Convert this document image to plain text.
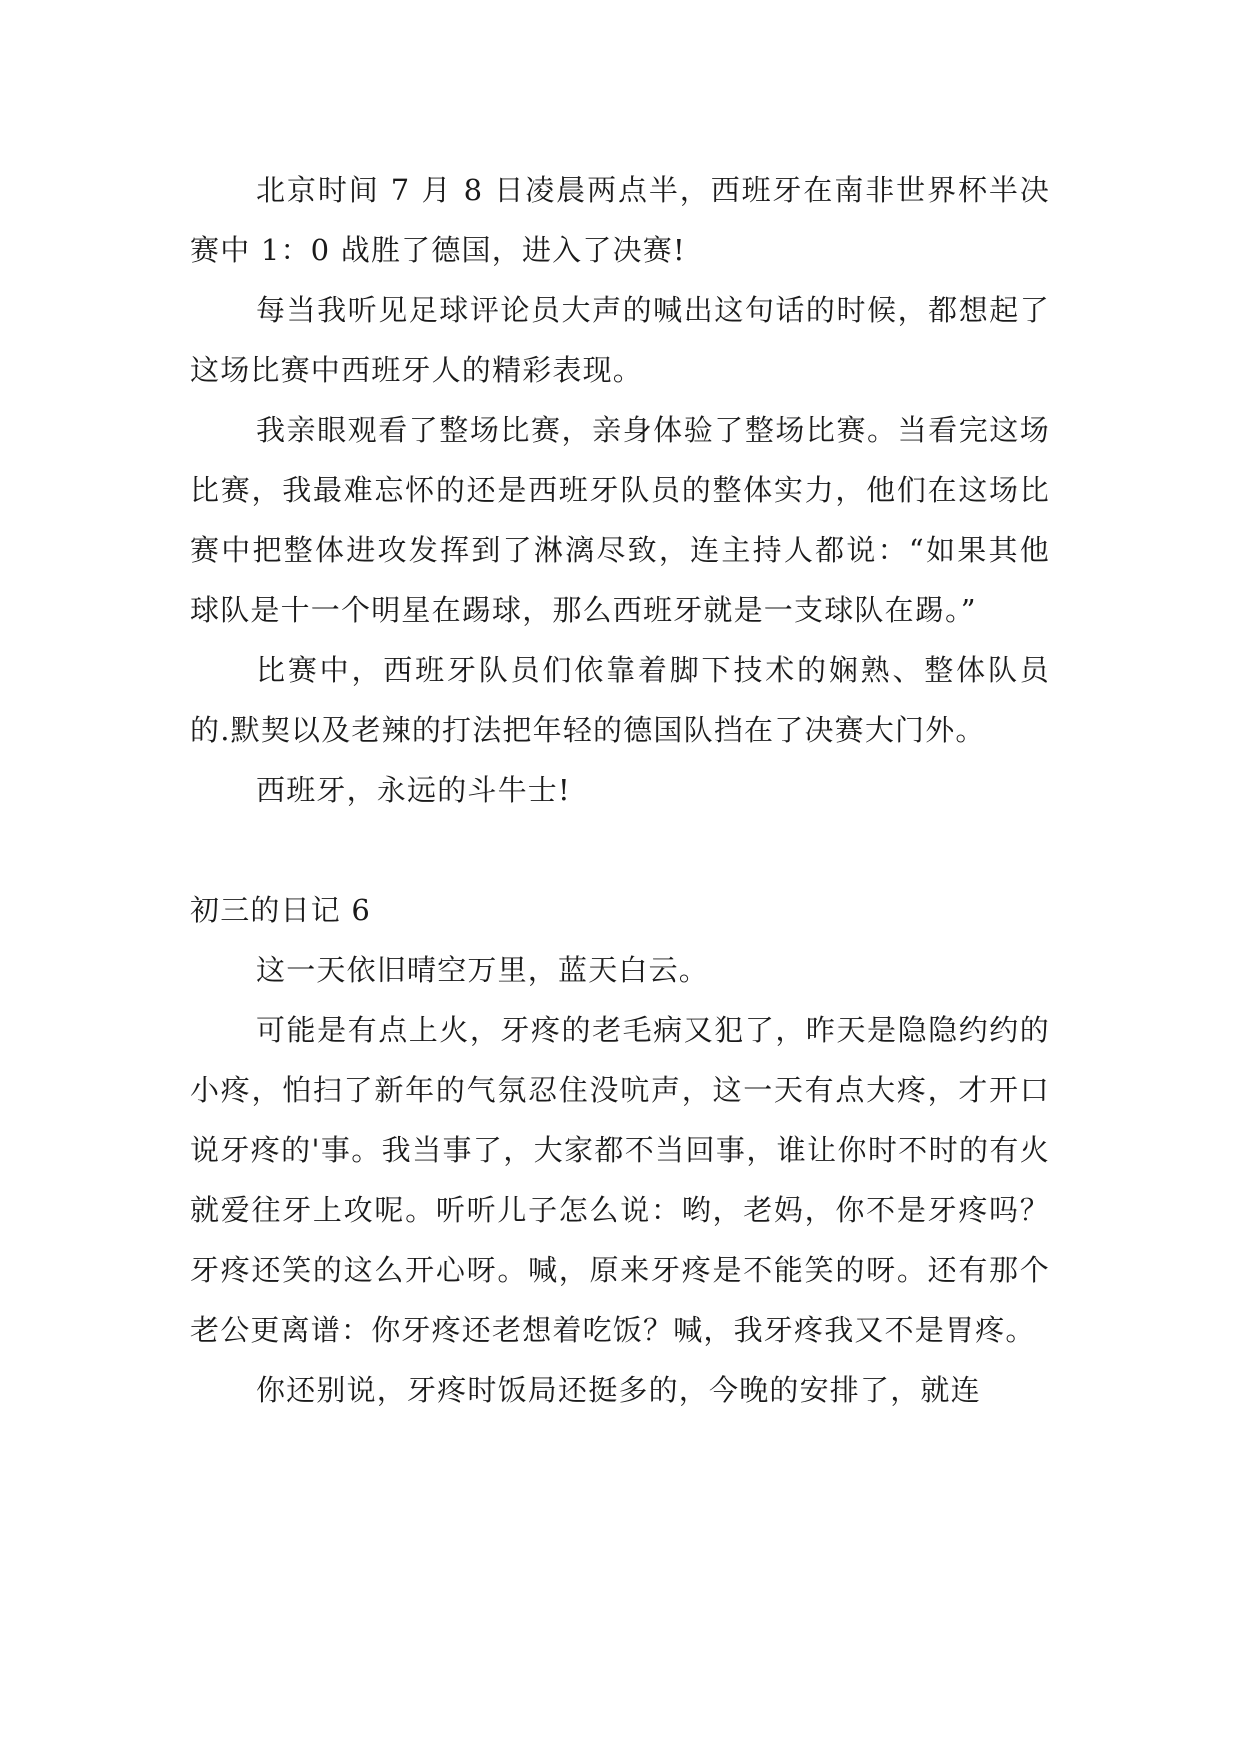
北京时间 7 月 8 日凌晨两点半，西班牙在南非世界杯半决赛中 1：0 战胜了德国，进入了决赛!

每当我听见足球评论员大声的喊出这句话的时候，都想起了这场比赛中西班牙人的精彩表现。

我亲眼观看了整场比赛，亲身体验了整场比赛。当看完这场比赛，我最难忘怀的还是西班牙队员的整体实力，他们在这场比赛中把整体进攻发挥到了淋漓尽致，连主持人都说：“如果其他球队是十一个明星在踢球，那么西班牙就是一支球队在踢。”

比赛中，西班牙队员们依靠着脚下技术的娴熟、整体队员的.默契以及老辣的打法把年轻的德国队挡在了决赛大门外。

西班牙，永远的斗牛士!

初三的日记 6

这一天依旧晴空万里，蓝天白云。

可能是有点上火，牙疼的老毛病又犯了，昨天是隐隐约约的小疼，怕扫了新年的气氛忍住没吭声，这一天有点大疼，才开口说牙疼的'事。我当事了，大家都不当回事，谁让你时不时的有火就爱往牙上攻呢。听听儿子怎么说：哟，老妈，你不是牙疼吗？牙疼还笑的这么开心呀。喊，原来牙疼是不能笑的呀。还有那个老公更离谱：你牙疼还老想着吃饭？喊，我牙疼我又不是胃疼。

你还别说，牙疼时饭局还挺多的，今晚的安排了，就连
